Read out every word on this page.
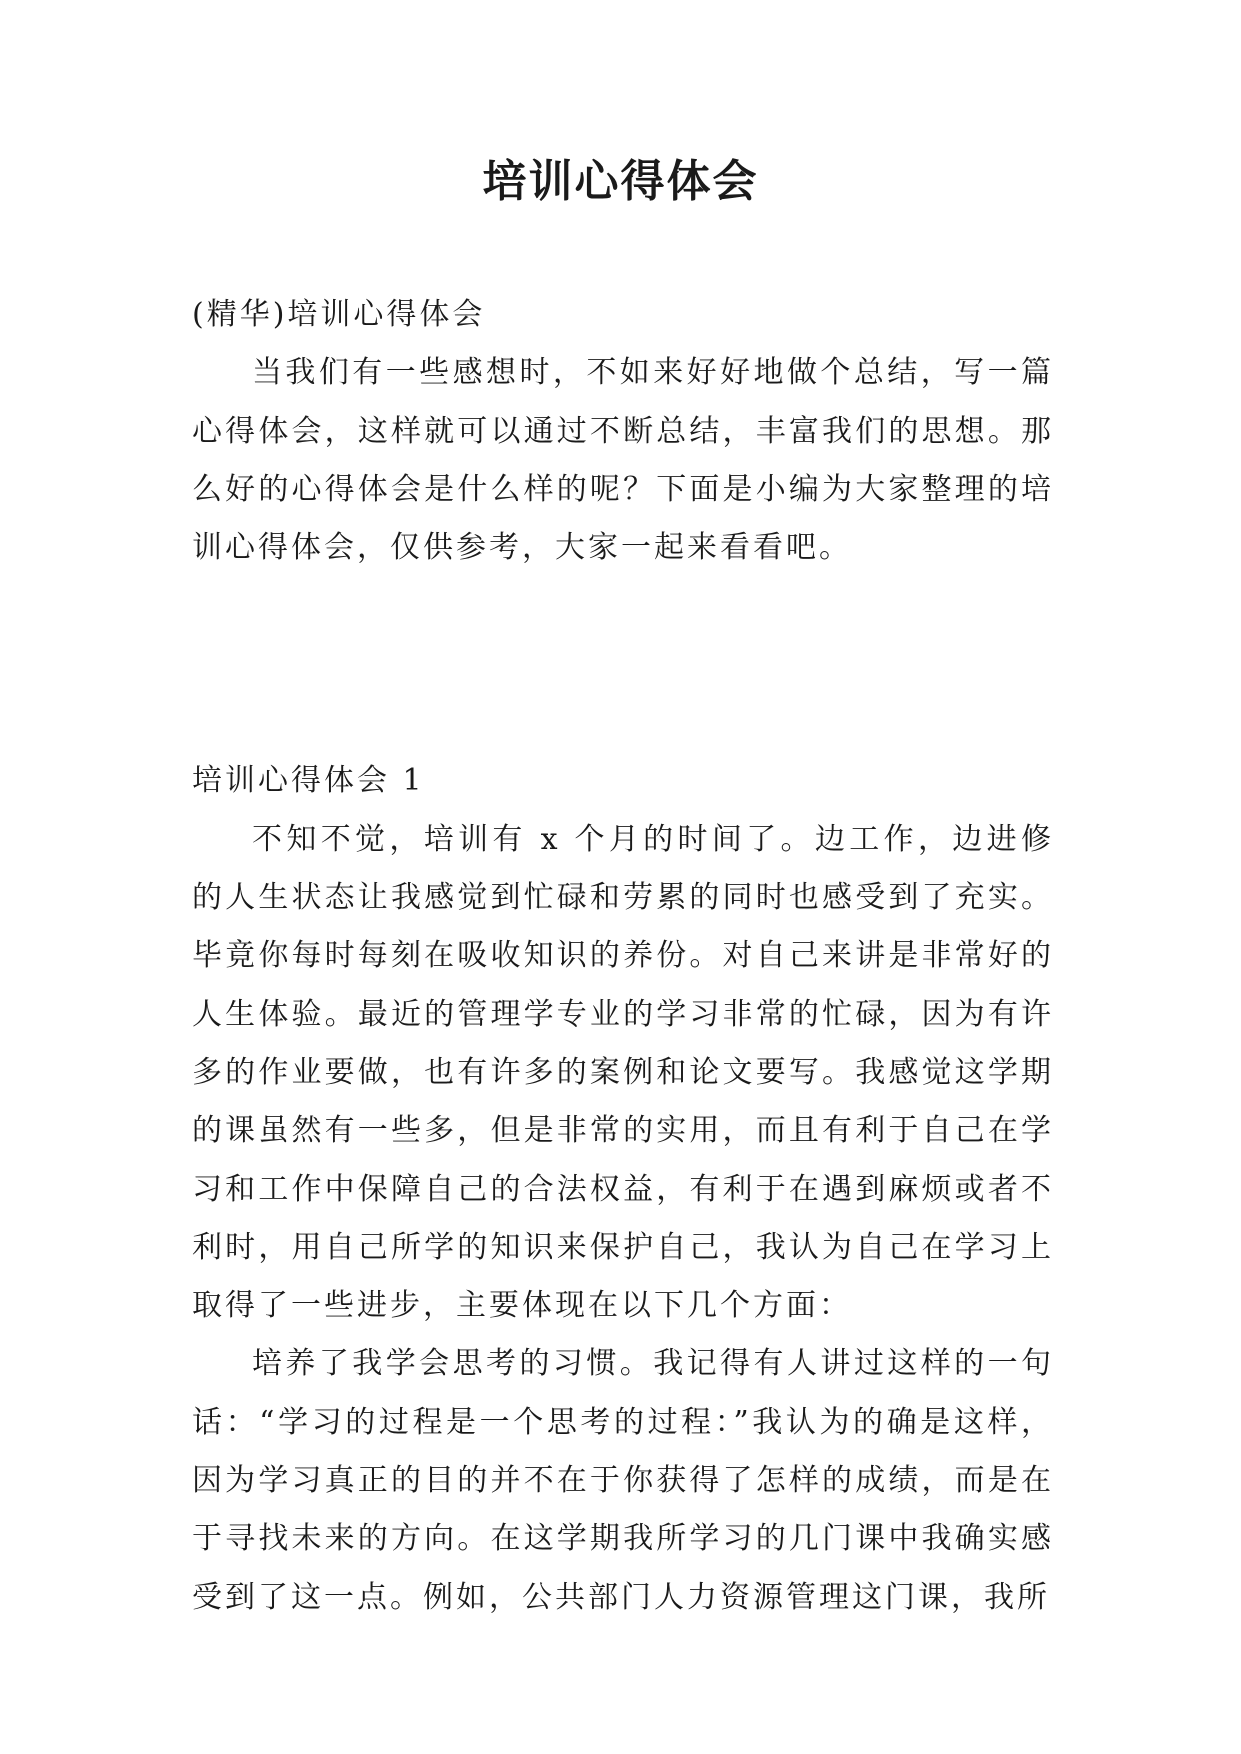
培训心得体会

(精华)培训心得体会

当我们有一些感想时，不如来好好地做个总结，写一篇心得体会，这样就可以通过不断总结，丰富我们的思想。那么好的心得体会是什么样的呢？下面是小编为大家整理的培训心得体会，仅供参考，大家一起来看看吧。

培训心得体会 1

不知不觉，培训有 x 个月的时间了。边工作，边进修的人生状态让我感觉到忙碌和劳累的同时也感受到了充实。毕竟你每时每刻在吸收知识的养份。对自己来讲是非常好的人生体验。最近的管理学专业的学习非常的忙碌，因为有许多的作业要做，也有许多的案例和论文要写。我感觉这学期的课虽然有一些多，但是非常的实用，而且有利于自己在学习和工作中保障自己的合法权益，有利于在遇到麻烦或者不利时，用自己所学的知识来保护自己，我认为自己在学习上取得了一些进步，主要体现在以下几个方面：

培养了我学会思考的习惯。我记得有人讲过这样的一句话：“学习的过程是一个思考的过程：”我认为的确是这样，因为学习真正的目的并不在于你获得了怎样的成绩，而是在于寻找未来的方向。在这学期我所学习的几门课中我确实感受到了这一点。例如，公共部门人力资源管理这门课，我所
